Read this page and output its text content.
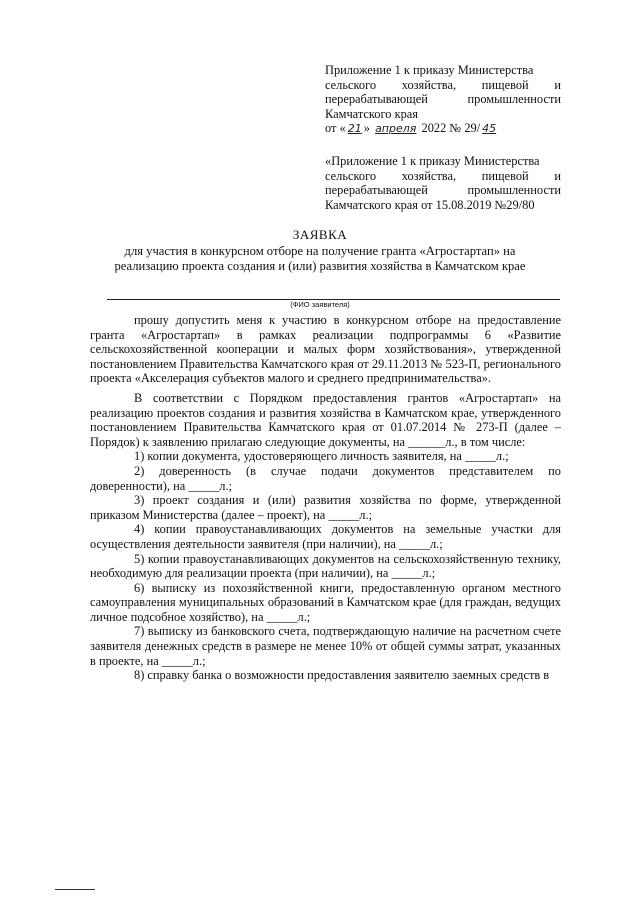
Приложение 1 к приказу Министерства
сельского хозяйства, пищевой и
перерабатывающей	промышленности
Камчатского края
от « 21 » апреля 2022 № 29/ 45
«Приложение 1 к приказу Министерства
сельского хозяйства, пищевой и
перерабатывающей	промышленности
Камчатского края от 15.08.2019 №29/80
ЗАЯВКА
для участия в конкурсном отборе на получение гранта «Агростартап» на
реализацию проекта создания и (или) развития хозяйства в Камчатском крае
(ФИО заявителя)

прошу допустить меня к участию в конкурсном отборе на предоставление гранта «Агростартап» в рамках реализации подпрограммы 6 «Развитие сельскохозяйственной кооперации и малых форм хозяйствования», утвержденной постановлением Правительства Камчатского края от 29.11.2013 № 523-П, регионального проекта «Акселерация субъектов малого и среднего предпринимательства».

В соответствии с Порядком предоставления грантов «Агростартап» на реализацию проектов создания и развития хозяйства в Камчатском крае, утвержденного постановлением Правительства Камчатского края от 01.07.2014 № 273-П (далее – Порядок) к заявлению прилагаю следующие документы, на ______л., в том числе:

1) копии документа, удостоверяющего личность заявителя, на _____л.;

2) доверенность (в случае подачи документов представителем по доверенности), на _____л.;

3) проект создания и (или) развития хозяйства по форме, утвержденной приказом Министерства (далее – проект), на _____л.;

4) копии правоустанавливающих документов на земельные участки для осуществления деятельности заявителя (при наличии), на _____л.;

5) копии правоустанавливающих документов на сельскохозяйственную технику, необходимую для реализации проекта (при наличии), на _____л.;

6) выписку из похозяйственной книги, предоставленную органом местного самоуправления муниципальных образований в Камчатском крае (для граждан, ведущих личное подсобное хозяйство), на _____л.;

7) выписку из банковского счета, подтверждающую наличие на расчетном счете заявителя денежных средств в размере не менее 10% от общей суммы затрат, указанных в проекте, на _____л.;

8) справку банка о возможности предоставления заявителю заемных средств в
